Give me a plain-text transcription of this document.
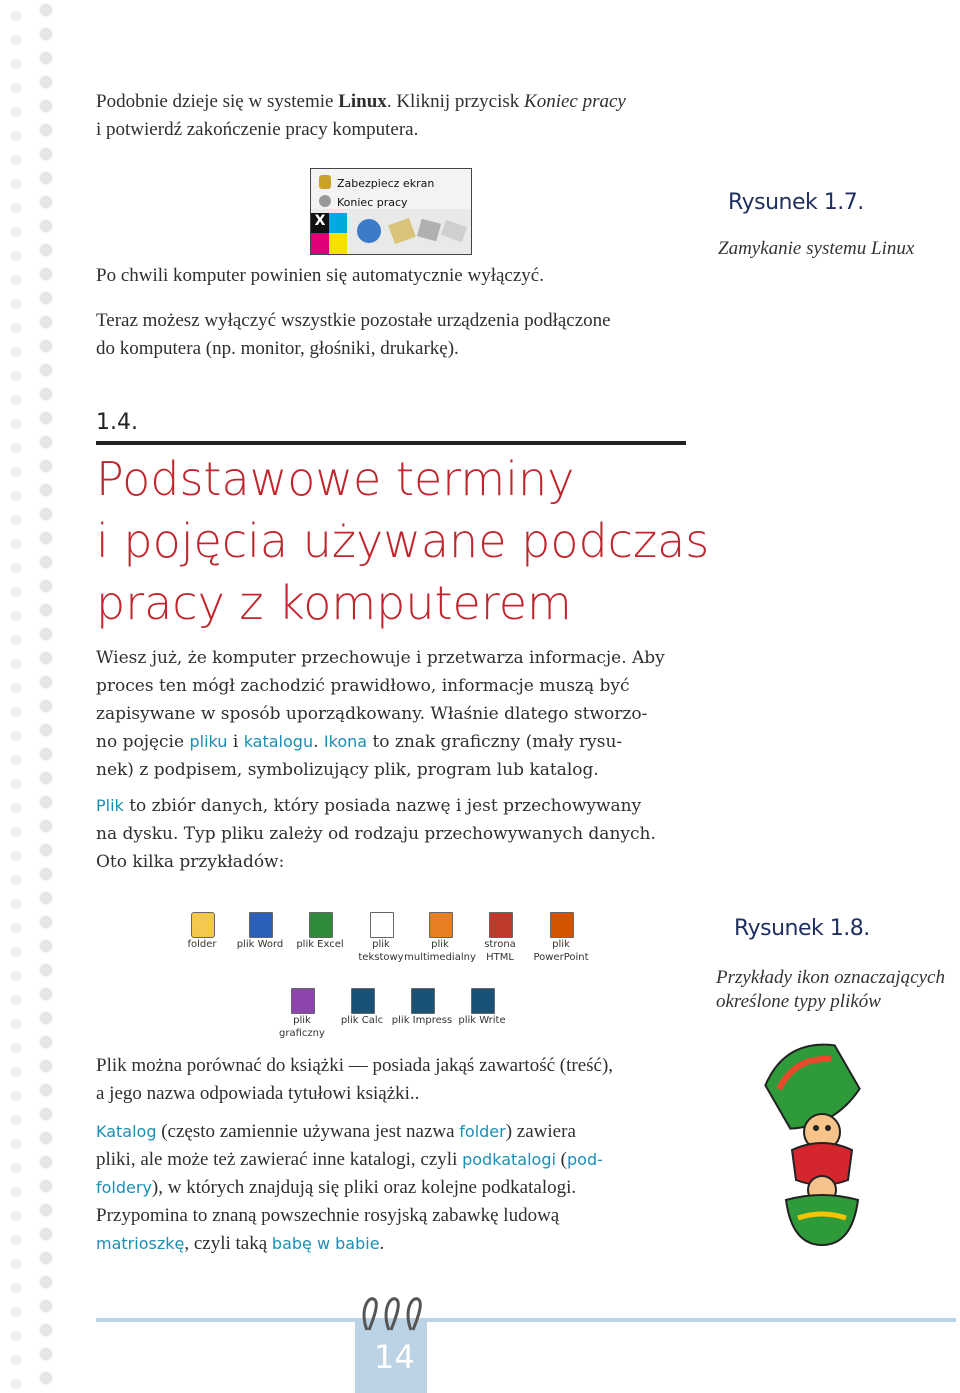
Podobnie dzieje się w systemie Linux. Kliknij przycisk Koniec pracy
i potwierdź zakończenie pracy komputera.
Zabezpiecz ekran
Koniec pracy
X
Po chwili komputer powinien się automatycznie wyłączyć.
Teraz możesz wyłączyć wszystkie pozostałe urządzenia podłączone
do komputera (np. monitor, głośniki, drukarkę).
Rysunek 1.7.
Zamykanie systemu Linux
1.4.
Podstawowe terminy
i pojęcia używane podczas
pracy z komputerem
Wiesz już, że komputer przechowuje i przetwarza informacje. Aby
proces ten mógł zachodzić prawidłowo, informacje muszą być
zapisywane w sposób uporządkowany. Właśnie dlatego stworzo-
no pojęcie pliku i katalogu. Ikona to znak graficzny (mały rysu-
nek) z podpisem, symbolizujący plik, program lub katalog.
Plik to zbiór danych, który posiada nazwę i jest przechowywany
na dysku. Typ pliku zależy od rodzaju przechowywanych danych.
Oto kilka przykładów:
folder	plik Word	plik Excel	plik
tekstowy
plik
multimedialny
strona
HTML
plik
PowerPoint
plik
graficzny
plik Calc plik Impress plik Write
Rysunek 1.8.
Przykłady ikon oznaczających
określone typy plików
Plik można porównać do książki — posiada jakąś zawartość (treść),
a jego nazwa odpowiada tytułowi książki..
Katalog (często zamiennie używana jest nazwa folder) zawiera
pliki, ale może też zawierać inne katalogi, czyli podkatalogi (pod-
foldery), w których znajdują się pliki oraz kolejne podkatalogi.
Przypomina to znaną powszechnie rosyjską zabawkę ludową
matrioszkę, czyli taką babę w babie.
14
